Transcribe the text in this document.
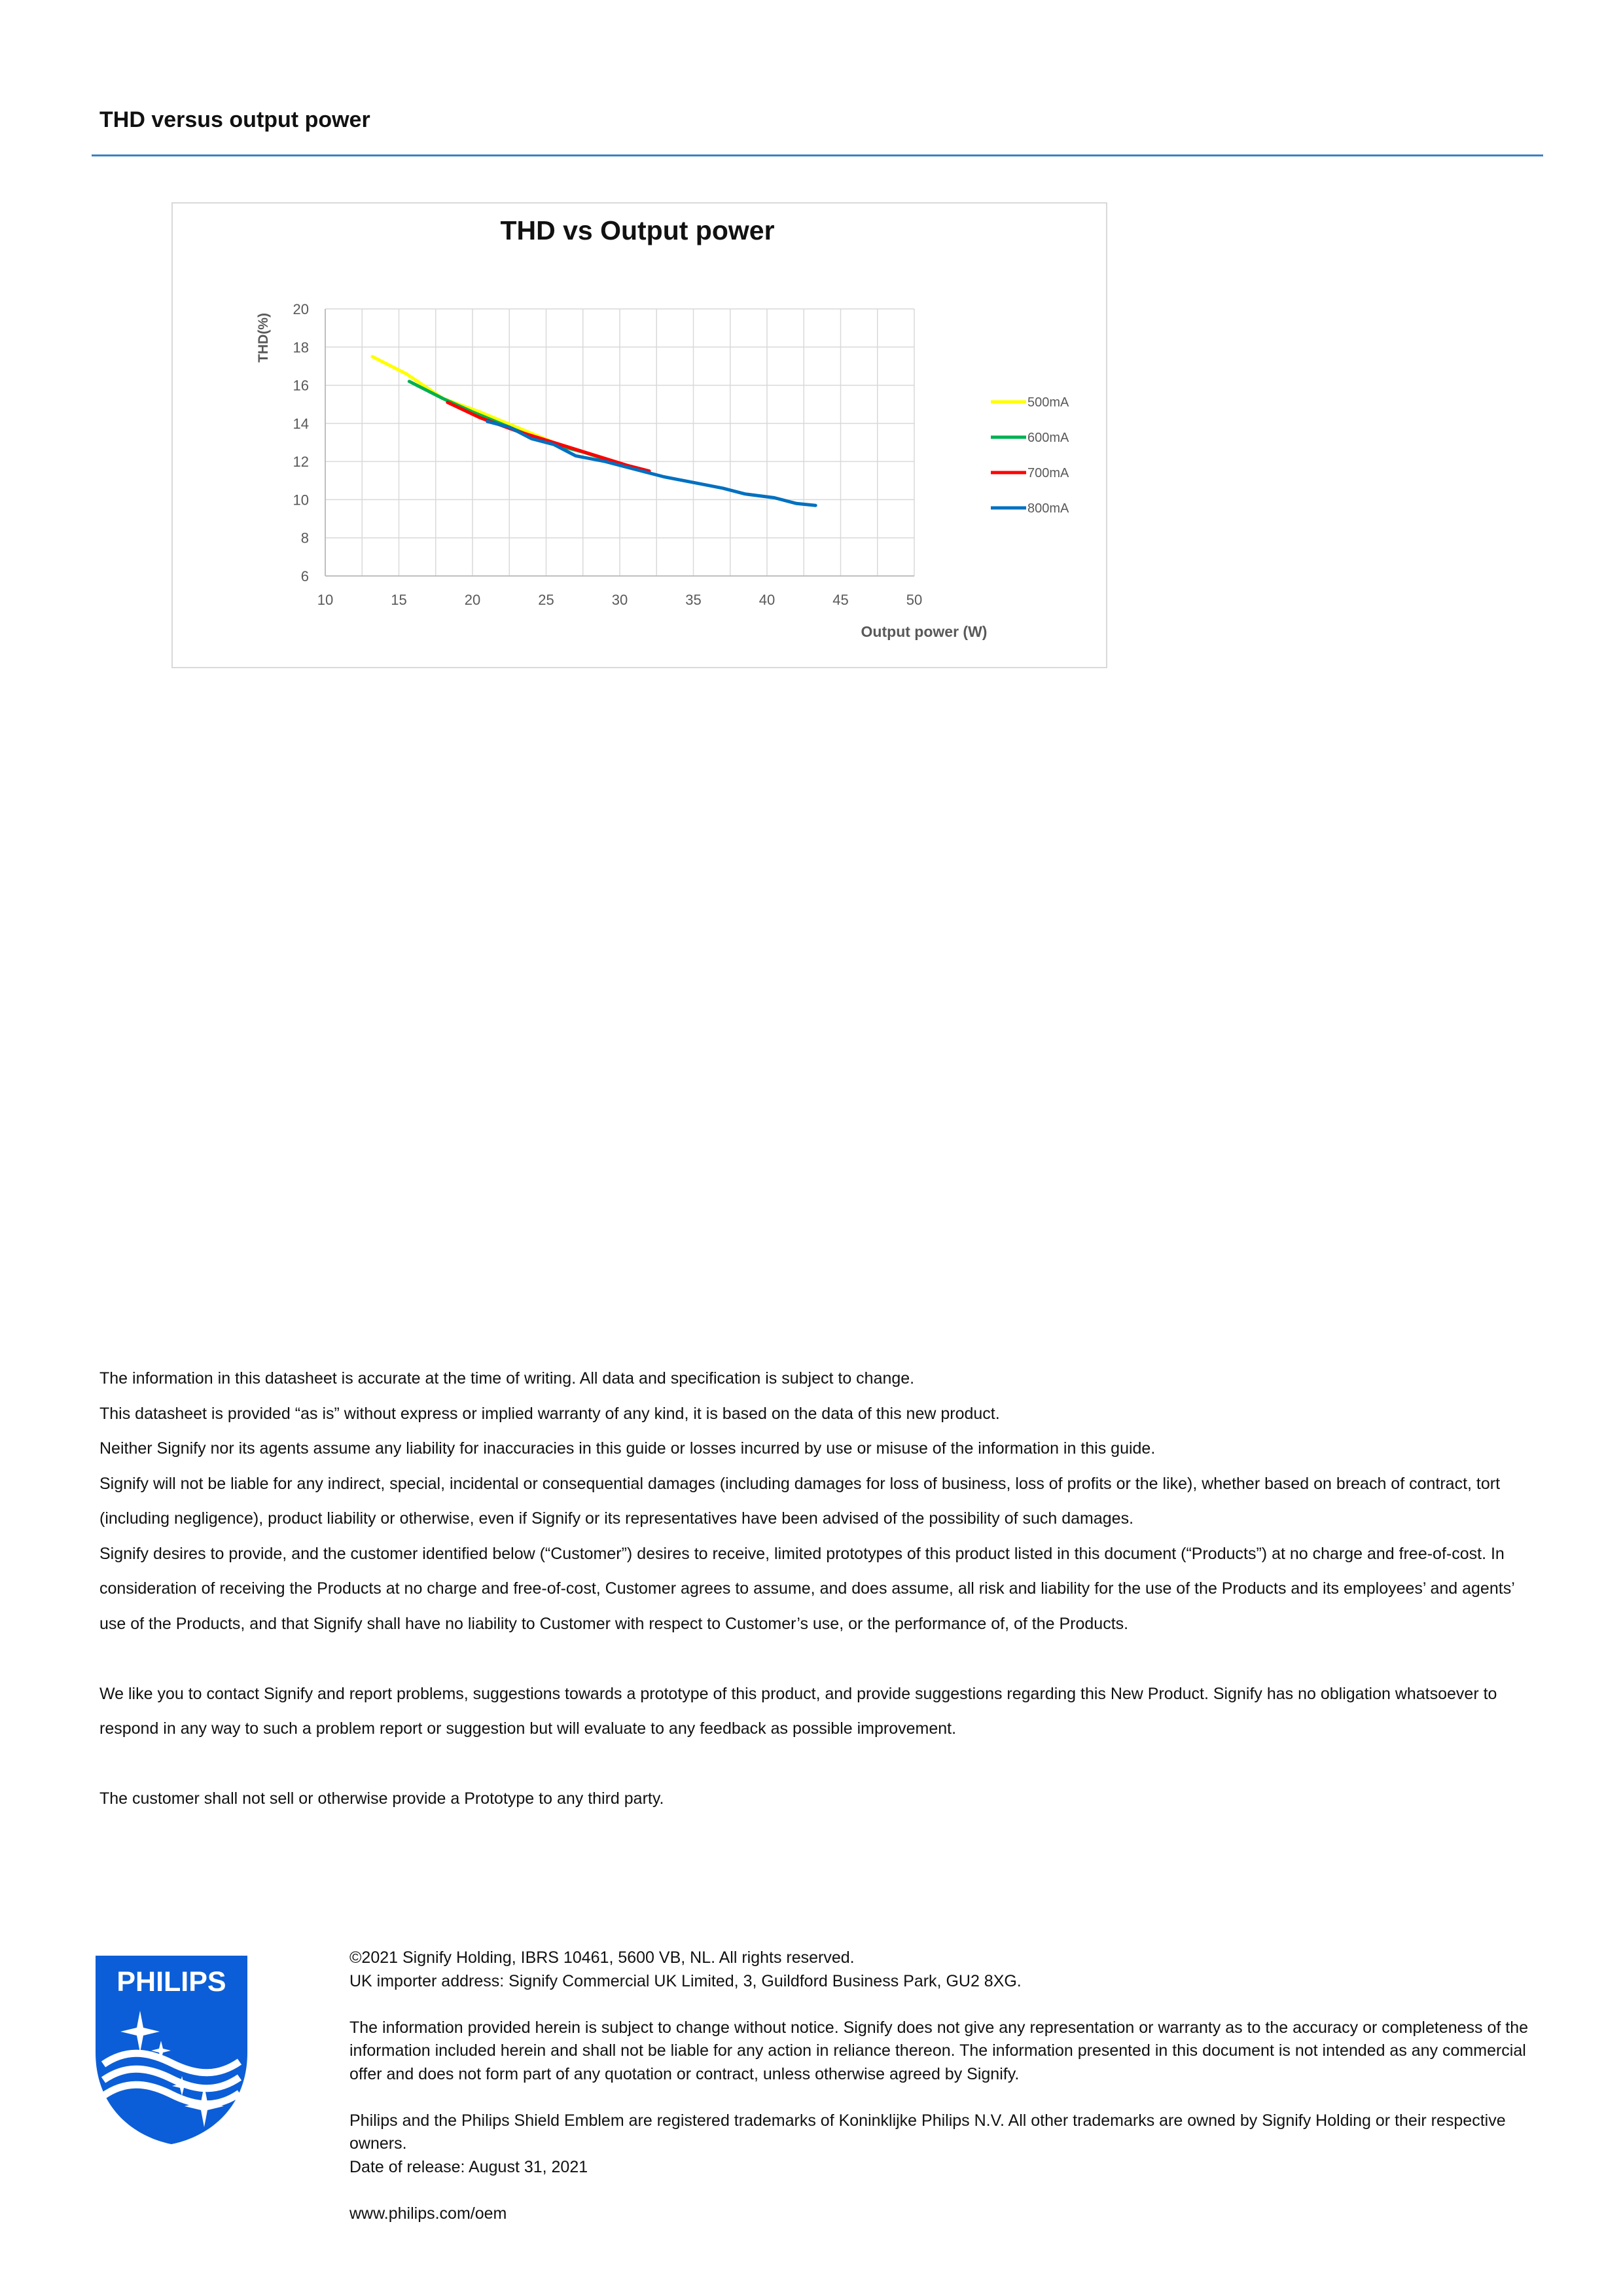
THD versus output power
6
8
10
12
14
16
18
20
10	15	20	25	30	35	40	45	50
500mA
600mA
700mA
800mA
THD vs Output power
THD(%)
Output power (W)

The information in this datasheet is accurate at the time of writing. All data and specification is subject to change.

This datasheet is provided “as is” without express or implied warranty of any kind, it is based on the data of this new product.

Neither Signify nor its agents assume any liability for inaccuracies in this guide or losses incurred by use or misuse of the information in this guide.

Signify will not be liable for any indirect, special, incidental or consequential damages (including damages for loss of business, loss of profits or the like), whether based on breach of contract, tort (including negligence), product liability or otherwise, even if Signify or its representatives have been advised of the possibility of such damages.

Signify desires to provide, and the customer identified below (“Customer”) desires to receive, limited prototypes of this product listed in this document (“Products”) at no charge and free-of-cost. In consideration of receiving the Products at no charge and free-of-cost, Customer agrees to assume, and does assume, all risk and liability for the use of the Products and its employees’ and agents’ use of the Products, and that Signify shall have no liability to Customer with respect to Customer’s use, or the performance of, of the Products.

We like you to contact Signify and report problems, suggestions towards a prototype of this product, and provide suggestions regarding this New Product. Signify has no obligation whatsoever to respond in any way to such a problem report or suggestion but will evaluate to any feedback as possible improvement.

The customer shall not sell or otherwise provide a Prototype to any third party.

PHILIPS

©2021 Signify Holding, IBRS 10461, 5600 VB, NL. All rights reserved.

UK importer address: Signify Commercial UK Limited, 3, Guildford Business Park, GU2 8XG.

The information provided herein is subject to change without notice. Signify does not give any representation or warranty as to the accuracy or completeness of the information included herein and shall not be liable for any action in reliance thereon. The information presented in this document is not intended as any commercial offer and does not form part of any quotation or contract, unless otherwise agreed by Signify.

Philips and the Philips Shield Emblem are registered trademarks of Koninklijke Philips N.V. All other trademarks are owned by Signify Holding or their respective owners.

Date of release: August 31, 2021

www.philips.com/oem
